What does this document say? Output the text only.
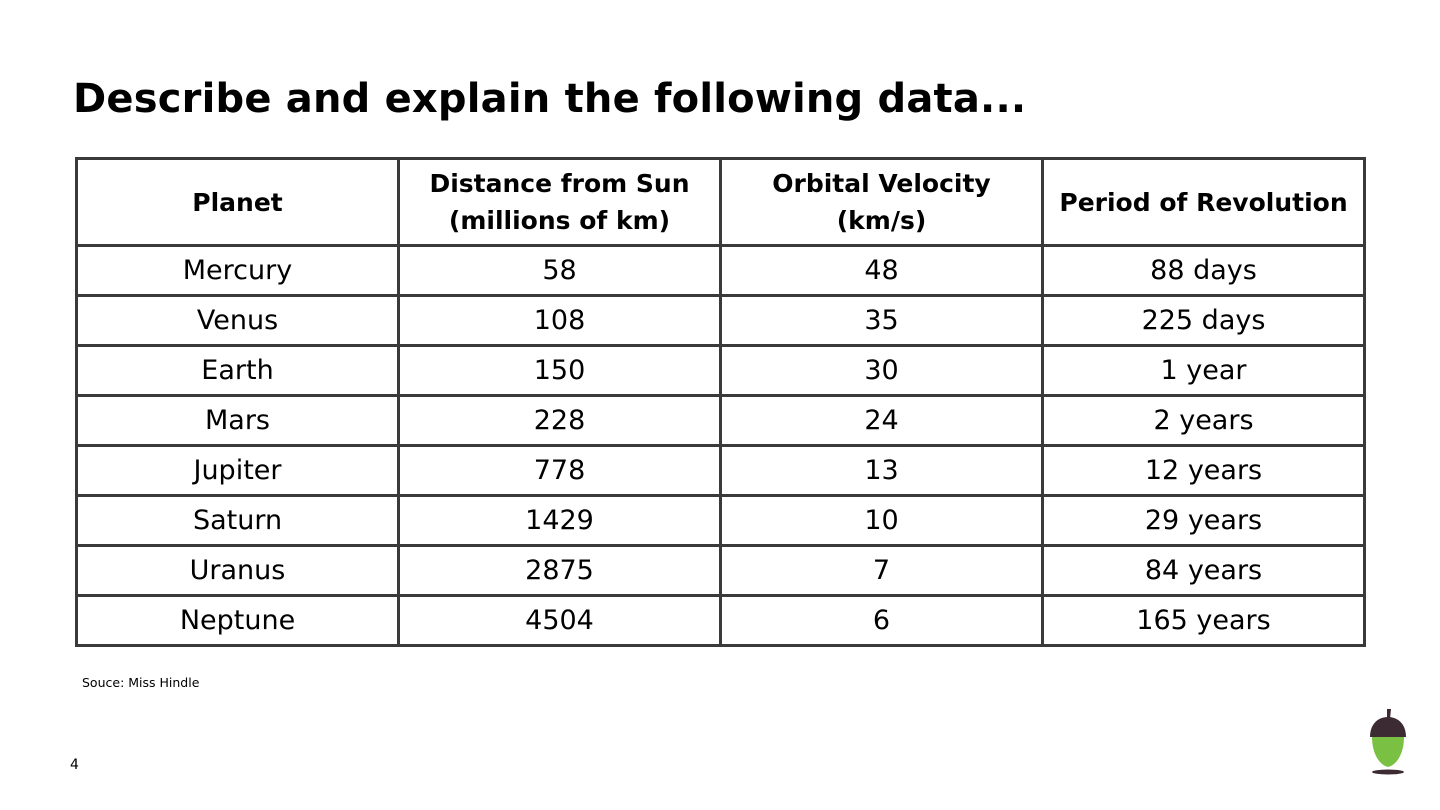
Describe and explain the following data...
Planet	Distance from Sun (millions of km)	Orbital Velocity (km/s)	Period of Revolution
Mercury	58	48	88 days
Venus	108	35	225 days
Earth	150	30	1 year
Mars	228	24	2 years
Jupiter	778	13	12 years
Saturn	1429	10	29 years
Uranus	2875	7	84 years
Neptune	4504	6	165 years
Souce: Miss Hindle
4
